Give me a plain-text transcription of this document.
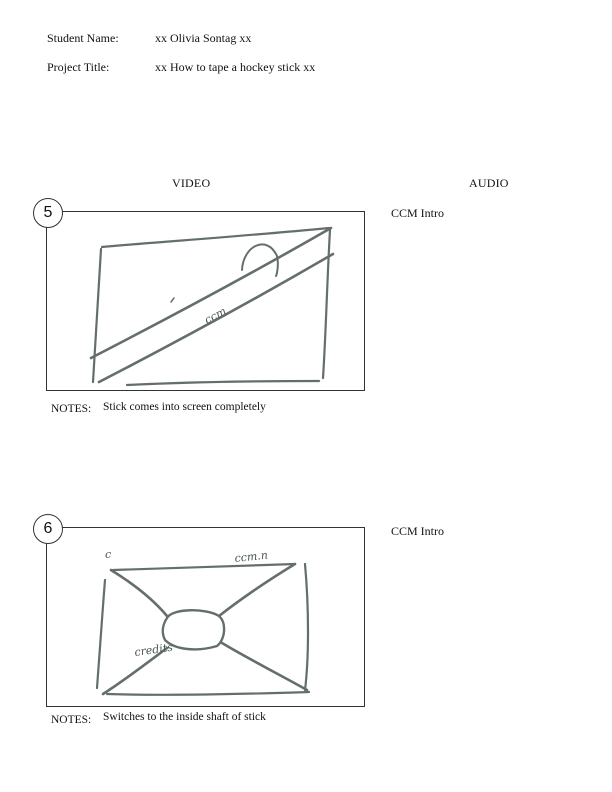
Student Name:	xx Olivia Sontag xx
Project Title:	xx How to tape a hockey stick xx
VIDEO	AUDIO
ccm
5	CCM Intro
NOTES: Stick comes into screen completely
c	ccm.n
credits
6	CCM Intro
NOTES: Switches to the inside shaft of stick
